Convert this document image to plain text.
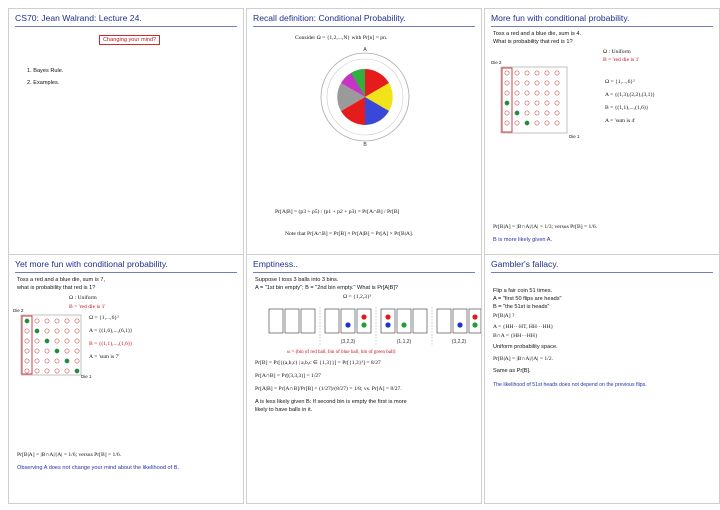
CS70: Jean Walrand: Lecture 24.
Changing your mind?
1. Bayes Rule.
2. Examples.
Recall definition: Conditional Probability.
Consider Ω = {1,2,...,N} with Pr[n] = pn.
A
B
Pr[A|B] = (p3 + p5) / (p1 + p2 + p3) = Pr[A∩B] / Pr[B]
Note that Pr[A∩B] = Pr[B] × Pr[A|B] = Pr[A] × Pr[B|A].
More fun with conditional probability.
Toss a red and a blue die, sum is 4.
What is probability that red is 1?
Ω : Uniform
B = 'red die is 1'
Ω = {1,...,6}²
A = {(1,3),(2,2),(3,1)}
B = {(1,1),...,(1,6)}
A = 'sum is 4'
Die 2
Die 1
Pr[B|A] = |B∩A|/|A| = 1/3; versus Pr[B] = 1/6.
B is more likely given A.
Yet more fun with conditional probability.
Toss a red and a blue die, sum is 7,
what is probability that red is 1?
Ω : Uniform
B = 'red die is 1'
Ω = {1,...,6}²
A = {(1,6),...,(6,1)}
B = {(1,1),...,(1,6)}
A = 'sum is 7'
Die 2
Die 1
Pr[B|A] = |B∩A|/|A| = 1/6; versus Pr[B] = 1/6.
Observing A does not change your mind about the likelihood of B.
Emptiness..
Suppose I toss 3 balls into 3 bins.
A = "1st bin empty"; B = "2nd bin empty." What is Pr[A|B]?
Ω = {1,2,3}³
(3,2,3)	(1,1,2)	(3,2,2)
ω = (bin of red ball, bin of blue ball, bin of green ball)
Pr[B] = Pr[{(a,b,c) | a,b,c ∈ {1,3}}] = Pr[{1,3}³] = 8/27
Pr[A∩B] = Pr[(3,3,3)] = 1/27
Pr[A|B] = Pr[A∩B]/Pr[B] = (1/27)/(8/27) = 1/8; vs. Pr[A] = 8/27.
A is less likely given B: If second bin is empty the first is more
likely to have balls in it.
Gambler's fallacy.
Flip a fair coin 51 times.
A = "first 50 flips are heads"
B = "the 51st is heads"
Pr[B|A] ?
A = {HH···HT, HH···HH}
B∩A = {HH···HH}
Uniform probability space.
Pr[B|A] = |B∩A|/|A| = 1/2.
Same as Pr[B].
The likelihood of 51st heads does not depend on the previous flips.
